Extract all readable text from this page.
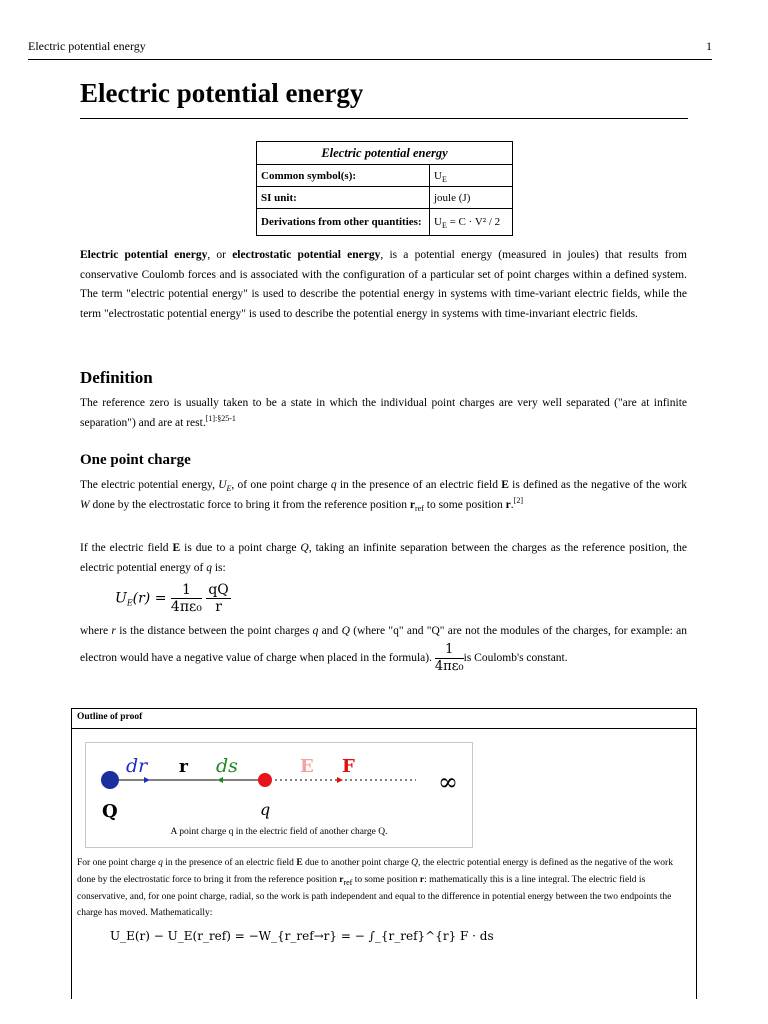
Electric potential energy	1
Electric potential energy
Electric potential energy	
Common symbol(s):	$U_E$
SI unit:	joule (J)
Derivations from other quantities:	$U_E = C \cdot V^2 / 2$

Electric potential energy, or electrostatic potential energy, is a potential energy (measured in joules) that results from conservative Coulomb forces and is associated with the configuration of a particular set of point charges within a defined system. The term "electric potential energy" is used to describe the potential energy in systems with time-variant electric fields, while the term "electrostatic potential energy" is used to describe the potential energy in systems with time-invariant electric fields.

Definition

The reference zero is usually taken to be a state in which the individual point charges are very well separated ("are at infinite separation") and are at rest.$^{[1]:\S 25-1}$

One point charge

The electric potential energy, $U_E$, of one point charge q in the presence of an electric field E is defined as the negative of the work W done by the electrostatic force to bring it from the reference position $r_{ref}$ to some position r.[2]

If the electric field E is due to a point charge Q, taking an infinite separation between the charges as the reference position, the electric potential energy of q is:

$U_E(r) = \frac{1}{\text{4πε₀}}$
$\frac{qQ}{r}$

where r is the distance between the point charges q and Q (where "q" and "Q" are not the modules of the charges, for example: an electron would have a negative value of charge when placed in the formula). $\frac{1}{\text{4πε₀}}$ is Coulomb's constant.

Outline of proof
dr r ds	E F
∞
Q	q
A point charge q in the electric field of another charge Q.
For one point charge q in the presence of an electric field E due to another point charge Q, the electric potential energy is defined as the negative of the work done by the electrostatic force to bring it from the reference position $r_{ref}$ to some position r: mathematically this is a line integral. The electric field is conservative, and, for one point charge, radial, so the work is path independent and equal to the difference in potential energy between the two endpoints the charge has moved. Mathematically:
U_E(r) − U_E(r_ref) = −W_{r_ref→r} = − ∫_{r_ref}^{r} F · ds
